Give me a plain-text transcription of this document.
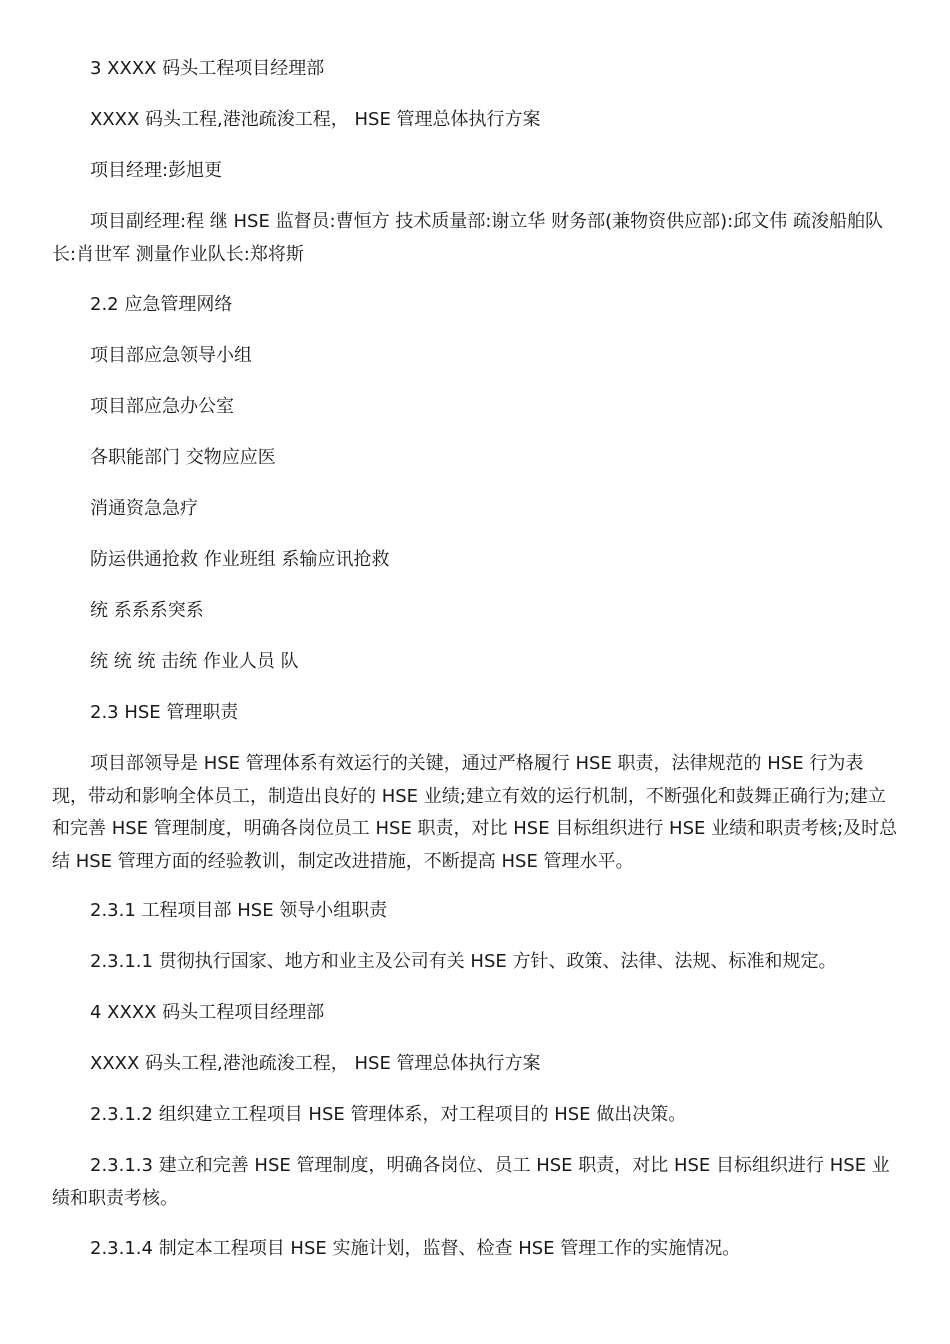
3 XXXX 码头工程项目经理部

XXXX 码头工程,港池疏浚工程， HSE 管理总体执行方案

项目经理:彭旭更

项目副经理:程 继 HSE 监督员:曹恒方 技术质量部:谢立华 财务部(兼物资供应部):邱文伟 疏浚船舶队长:肖世军 测量作业队长:郑将斯

2.2 应急管理网络

项目部应急领导小组

项目部应急办公室

各职能部门 交物应应医

消通资急急疗

防运供通抢救 作业班组 系输应讯抢救

统 系系系突系

统 统 统 击统 作业人员 队

2.3 HSE 管理职责

项目部领导是 HSE 管理体系有效运行的关键，通过严格履行 HSE 职责，法律规范的 HSE 行为表现，带动和影响全体员工，制造出良好的 HSE 业绩;建立有效的运行机制，不断强化和鼓舞正确行为;建立和完善 HSE 管理制度，明确各岗位员工 HSE 职责，对比 HSE 目标组织进行 HSE 业绩和职责考核;及时总结 HSE 管理方面的经验教训，制定改进措施，不断提高 HSE 管理水平。

2.3.1 工程项目部 HSE 领导小组职责

2.3.1.1 贯彻执行国家、地方和业主及公司有关 HSE 方针、政策、法律、法规、标准和规定。

4 XXXX 码头工程项目经理部

XXXX 码头工程,港池疏浚工程， HSE 管理总体执行方案

2.3.1.2 组织建立工程项目 HSE 管理体系，对工程项目的 HSE 做出决策。

2.3.1.3 建立和完善 HSE 管理制度，明确各岗位、员工 HSE 职责，对比 HSE 目标组织进行 HSE 业绩和职责考核。

2.3.1.4 制定本工程项目 HSE 实施计划，监督、检查 HSE 管理工作的实施情况。
